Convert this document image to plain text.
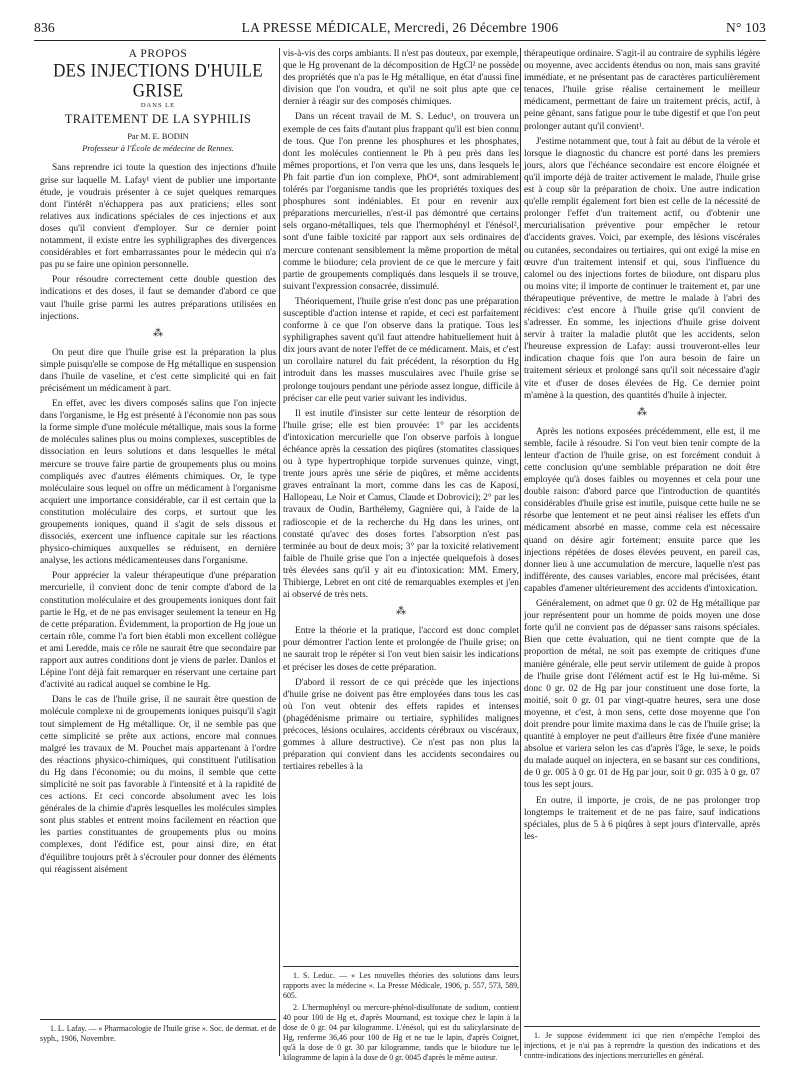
836	LA PRESSE MÉDICALE, Mercredi, 26 Décembre 1906	N° 103
A PROPOS
DES INJECTIONS D'HUILE GRISE
DANS LE
TRAITEMENT DE LA SYPHILIS
Par M. E. BODIN
Professeur à l'École de médecine de Rennes.

Sans reprendre ici toute la question des injections d'huile grise sur laquelle M. Lafay¹ vient de publier une importante étude, je voudrais présenter à ce sujet quelques remarques dont l'intérêt n'échappera pas aux praticiens; elles sont relatives aux indications spéciales de ces injections et aux doses qu'il convient d'employer. Sur ce dernier point notamment, il existe entre les syphiligraphes des divergences considérables et fort embarrassantes pour le médecin qui n'a pas pu se faire une opinion personnelle.

Pour résoudre correctement cette double question des indications et des doses, il faut se demander d'abord ce que vaut l'huile grise parmi les autres préparations utilisées en injections.

⁂

On peut dire que l'huile grise est la préparation la plus simple puisqu'elle se compose de Hg métallique en suspension dans l'huile de vaseline, et c'est cette simplicité qui en fait précisément un médicament à part.

En effet, avec les divers composés salins que l'on injecte dans l'organisme, le Hg est présenté à l'économie non pas sous la forme simple d'une molécule métallique, mais sous la forme de molécules salines plus ou moins complexes, susceptibles de dissociation en leurs solutions et dans lesquelles le métal mercure se trouve faire partie de groupements plus ou moins compliqués avec d'autres éléments chimiques. Or, le type moléculaire sous lequel on offre un médicament à l'organisme acquiert une importance considérable, car il est certain que la constitution moléculaire des corps, et surtout que les groupements ioniques, quand il s'agit de sels dissous et dissociés, exercent une influence capitale sur les réactions physico-chimiques auxquelles se réduisent, en dernière analyse, les actions médicamenteuses dans l'organisme.

Pour apprécier la valeur thérapeutique d'une préparation mercurielle, il convient donc de tenir compte d'abord de la constitution moléculaire et des groupements ioniques dont fait partie le Hg, et de ne pas envisager seulement la teneur en Hg de cette préparation. Évidemment, la proportion de Hg joue un certain rôle, comme l'a fort bien établi mon excellent collègue et ami Leredde, mais ce rôle ne saurait être que secondaire par rapport aux autres conditions dont je viens de parler. Danlos et Lépine l'ont déjà fait remarquer en réservant une certaine part d'activité au radical auquel se combine le Hg.

Dans le cas de l'huile grise, il ne saurait être question de molécule complexe ni de groupements ioniques puisqu'il s'agit tout simplement de Hg métallique. Or, il ne semble pas que cette simplicité se prête aux actions, encore mal connues malgré les travaux de M. Pouchet mais appartenant à l'ordre des réactions physico-chimiques, qui constituent l'utilisation du Hg dans l'économie; ou du moins, il semble que cette simplicité ne soit pas favorable à l'intensité et à la rapidité de ces actions. Et ceci concorde absolument avec les lois générales de la chimie d'après lesquelles les molécules simples sont plus stables et entrent moins facilement en réaction que les parties constituantes de groupements plus ou moins complexes, dont l'édifice est, pour ainsi dire, en état d'équilibre toujours prêt à s'écrouler pour donner des éléments qui réagissent aisément

vis-à-vis des corps ambiants. Il n'est pas douteux, par exemple, que le Hg provenant de la décomposition de HgCl² ne possède des propriétés que n'a pas le Hg métallique, en état d'aussi fine division que l'on voudra, et qu'il ne soit plus apte que ce dernier à réagir sur des composés chimiques.

Dans un récent travail de M. S. Leduc¹, on trouvera un exemple de ces faits d'autant plus frappant qu'il est bien connu de tous. Que l'on prenne les phosphures et les phosphates, dont les molécules contiennent le Ph à peu près dans les mêmes proportions, et l'on verra que les uns, dans lesquels le Ph fait partie d'un ion complexe, PhO⁴, sont admirablement tolérés par l'organisme tandis que les propriétés toxiques des phosphures sont indéniables. Et pour en revenir aux préparations mercurielles, n'est-il pas démontré que certains sels organo-métalliques, tels que l'hermophényl et l'énésol², sont d'une faible toxicité par rapport aux sels ordinaires de mercure contenant sensiblement la même proportion de métal comme le biiodure; cela provient de ce que le mercure y fait partie de groupements compliqués dans lesquels il se trouve, suivant l'expression consacrée, dissimulé.

Théoriquement, l'huile grise n'est donc pas une préparation susceptible d'action intense et rapide, et ceci est parfaitement conforme à ce que l'on observe dans la pratique. Tous les syphiligraphes savent qu'il faut attendre habituellement huit à dix jours avant de noter l'effet de ce médicament. Mais, et c'est un corollaire naturel du fait précédent, la résorption du Hg introduit dans les masses musculaires avec l'huile grise se prolonge toujours pendant une période assez longue, difficile à préciser car elle peut varier suivant les individus.

Il est inutile d'insister sur cette lenteur de résorption de l'huile grise; elle est bien prouvée: 1° par les accidents d'intoxication mercurielle que l'on observe parfois à longue échéance après la cessation des piqûres (stomatites classiques ou à type hypertrophique torpide survenues quinze, vingt, trente jours après une série de piqûres, et même accidents graves entraînant la mort, comme dans les cas de Kaposi, Hallopeau, Le Noir et Camus, Claude et Dobrovici); 2° par les travaux de Oudin, Barthélemy, Gagnière qui, à l'aide de la radioscopie et de la recherche du Hg dans les urines, ont constaté qu'avec des doses fortes l'absorption n'est pas terminée au bout de deux mois; 3° par la toxicité relativement faible de l'huile grise que l'on a injectée quelquefois à doses très élevées sans qu'il y ait eu d'intoxication: MM. Emery, Thibierge, Lebret en ont cité de remarquables exemples et j'en ai observé de très nets.

⁂

Entre la théorie et la pratique, l'accord est donc complet pour démontrer l'action lente et prolongée de l'huile grise; on ne saurait trop le répéter si l'on veut bien saisir les indications et préciser les doses de cette préparation.

D'abord il ressort de ce qui précède que les injections d'huile grise ne doivent pas être employées dans tous les cas où l'on veut obtenir des effets rapides et intenses (phagédénisme primaire ou tertiaire, syphilides malignes précoces, lésions oculaires, accidents cérébraux ou viscéraux, gommes à allure destructive). Ce n'est pas non plus la préparation qui convient dans les accidents secondaires ou tertiaires rebelles à la

thérapeutique ordinaire. S'agit-il au contraire de syphilis légère ou moyenne, avec accidents étendus ou non, mais sans gravité immédiate, et ne présentant pas de caractères particulièrement tenaces, l'huile grise réalise certainement le meilleur médicament, permettant de faire un traitement précis, actif, à peine gênant, sans fatigue pour le tube digestif et que l'on peut prolonger autant qu'il convient¹.

J'estime notamment que, tout à fait au début de la vérole et lorsque le diagnostic du chancre est porté dans les premiers jours, alors que l'échéance secondaire est encore éloignée et qu'il importe déjà de traiter activement le malade, l'huile grise est à coup sûr la préparation de choix. Une autre indication qu'elle remplit également fort bien est celle de la nécessité de prolonger l'effet d'un traitement actif, ou d'obtenir une mercurialisation préventive pour empêcher le retour d'accidents graves. Voici, par exemple, des lésions viscérales ou cutanées, secondaires ou tertiaires, qui ont exigé la mise en œuvre d'un traitement intensif et qui, sous l'influence du calomel ou des injections fortes de biiodure, ont disparu plus ou moins vite; il importe de continuer le traitement et, par une thérapeutique préventive, de mettre le malade à l'abri des récidives: c'est encore à l'huile grise qu'il convient de s'adresser. En somme, les injections d'huile grise doivent servir à traiter la maladie plutôt que les accidents, selon l'heureuse expression de Lafay: aussi trouveront-elles leur indication chaque fois que l'on aura besoin de faire un traitement sérieux et prolongé sans qu'il soit nécessaire d'agir vite et d'user de doses élevées de Hg. Ce dernier point m'amène à la question, des quantités d'huile à injecter.

⁂

Après les notions exposées précédemment, elle est, il me semble, facile à résoudre. Si l'on veut bien tenir compte de la lenteur d'action de l'huile grise, on est forcément conduit à cette conclusion qu'une semblable préparation ne doit être employée qu'à doses faibles ou moyennes et cela pour une double raison: d'abord parce que l'introduction de quantités considérables d'huile grise est inutile, puisque cette huile ne se résorbe que lentement et ne peut ainsi réaliser les effets d'un médicament absorbé en masse, comme cela est nécessaire quand on désire agir fortement; ensuite parce que les injections répétées de doses élevées peuvent, en pareil cas, donner lieu à une accumulation de mercure, laquelle n'est pas indifférente, des causes variables, encore mal précisées, étant capables d'amener ultérieurement des accidents d'intoxication.

Généralement, on admet que 0 gr. 02 de Hg métallique par jour représentent pour un homme de poids moyen une dose forte qu'il ne convient pas de dépasser sans raisons spéciales. Bien que cette évaluation, qui ne tient compte que de la proportion de métal, ne soit pas exempte de critiques d'une manière générale, elle peut servir utilement de guide à propos de l'huile grise dont l'élément actif est le Hg lui-même. Si donc 0 gr. 02 de Hg par jour constituent une dose forte, la moitié, soit 0 gr. 01 par vingt-quatre heures, sera une dose moyenne, et c'est, à mon sens, cette dose moyenne que l'on doit prendre pour limite maxima dans le cas de l'huile grise; la quantité à employer ne peut d'ailleurs être fixée d'une manière absolue et variera selon les cas d'après l'âge, le sexe, le poids du malade auquel on injectera, en se basant sur ces conditions, de 0 gr. 005 à 0 gr. 01 de Hg par jour, soit 0 gr. 035 à 0 gr. 07 tous les sept jours.

En outre, il importe, je crois, de ne pas prolonger trop longtemps le traitement et de ne pas faire, sauf indications spéciales, plus de 5 à 6 piqûres à sept jours d'intervalle, après les-

1. L. Lafay. — « Pharmacologie de l'huile grise ». Soc. de dermat. et de syph., 1906, Novembre.

1. S. Leduc. — « Les nouvelles théories des solutions dans leurs rapports avec la médecine ». La Presse Médicale, 1906, p. 557, 573, 589, 605.

2. L'hermophényl ou mercure-phénol-disulfonate de sodium, contient 40 pour 100 de Hg et, d'après Mournand, est toxique chez le lapin à la dose de 0 gr. 04 par kilogramme. L'énésol, qui est du salicylarsinate de Hg, renferme 36,46 pour 100 de Hg et ne tue le lapin, d'après Coignet, qu'à la dose de 0 gr. 30 par kilogramme, tandis que le biiodure tue le kilogramme de lapin à la dose de 0 gr. 0045 d'après le même auteur.

1. Je suppose évidemment ici que rien n'empêche l'emploi des injections, et je n'ai pas à reprendre la question des indications et des contre-indications des injections mercurielles en général.
